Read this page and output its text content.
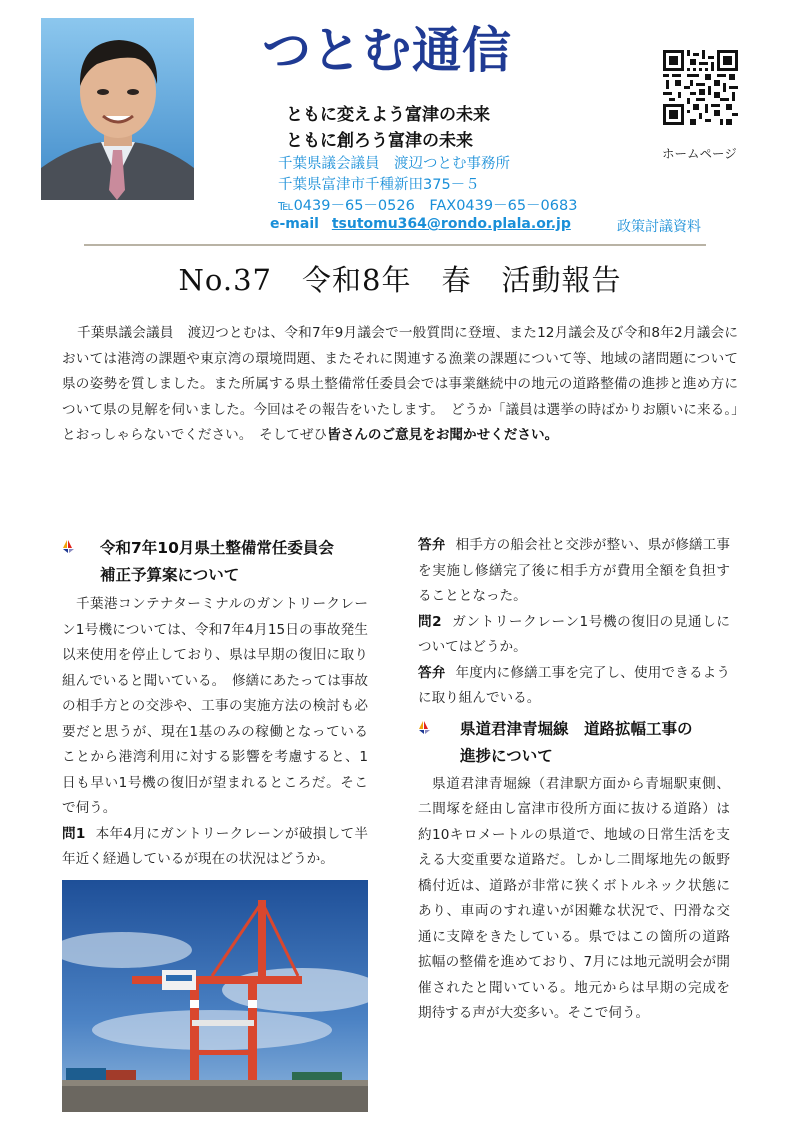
つとむ通信
ともに変えよう富津の未来
ともに創ろう富津の未来
千葉県議会議員　渡辺つとむ事務所
千葉県富津市千種新田375－５
℡0439－65－0526　FAX0439－65－0683
e-mail tsutomu364@rondo.plala.or.jp	政策討議資料
ホームページ
No.37　令和8年　春　活動報告
千葉県議会議員　渡辺つとむは、令和7年9月議会で一般質問に登壇、また12月議会及び令和8年2月議会においては港湾の課題や東京湾の環境問題、またそれに関連する漁業の課題について等、地域の諸問題について県の姿勢を質しました。また所属する県土整備常任委員会では事業継続中の地元の道路整備の進捗と進め方について県の見解を伺いました。今回はその報告をいたします。　どうか「議員は選挙の時ばかりお願いに来る。」とおっしゃらないでください。　そしてぜひ皆さんのご意見をお聞かせください。
令和7年10月県土整備常任委員会
補正予算案について

千葉港コンテナターミナルのガントリークレーン1号機については、令和7年4月15日の事故発生以来使用を停止しており、県は早期の復旧に取り組んでいると聞いている。　修繕にあたっては事故の相手方との交渉や、工事の実施方法の検討も必要だと思うが、現在1基のみの稼働となっていることから港湾利用に対する影響を考慮すると、1日も早い1号機の復旧が望まれるところだ。そこで伺う。

問1 本年4月にガントリークレーンが破損して半年近く経過しているが現在の状況はどうか。

答弁 相手方の船会社と交渉が整い、県が修繕工事を実施し修繕完了後に相手方が費用全額を負担することとなった。

問2 ガントリークレーン1号機の復旧の見通しについてはどうか。

答弁 年度内に修繕工事を完了し、使用できるように取り組んでいる。

県道君津青堀線　道路拡幅工事の
進捗について

県道君津青堀線（君津駅方面から青堀駅東側、二間塚を経由し富津市役所方面に抜ける道路）は約10キロメートルの県道で、地域の日常生活を支える大変重要な道路だ。しかし二間塚地先の飯野橋付近は、道路が非常に狭くボトルネック状態にあり、車両のすれ違いが困難な状況で、円滑な交通に支障をきたしている。県ではこの箇所の道路拡幅の整備を進めており、7月には地元説明会が開催されたと聞いている。地元からは早期の完成を期待する声が大変多い。そこで伺う。
